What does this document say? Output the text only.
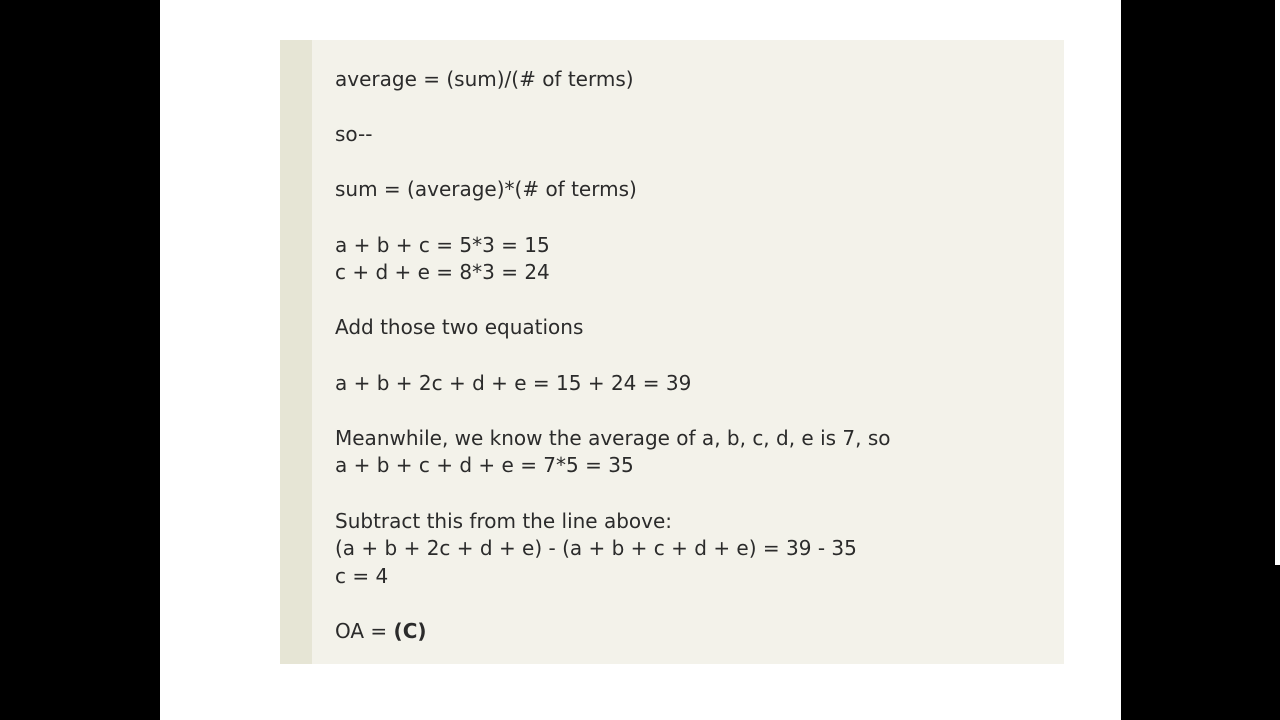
average = (sum)/(# of terms)
so--
sum = (average)*(# of terms)
a + b + c = 5*3 = 15
c + d + e = 8*3 = 24
Add those two equations
a + b + 2c + d + e = 15 + 24 = 39
Meanwhile, we know the average of a, b, c, d, e is 7, so
a + b + c + d + e = 7*5 = 35
Subtract this from the line above:
(a + b + 2c + d + e) - (a + b + c + d + e) = 39 - 35
c = 4
OA = (C)
